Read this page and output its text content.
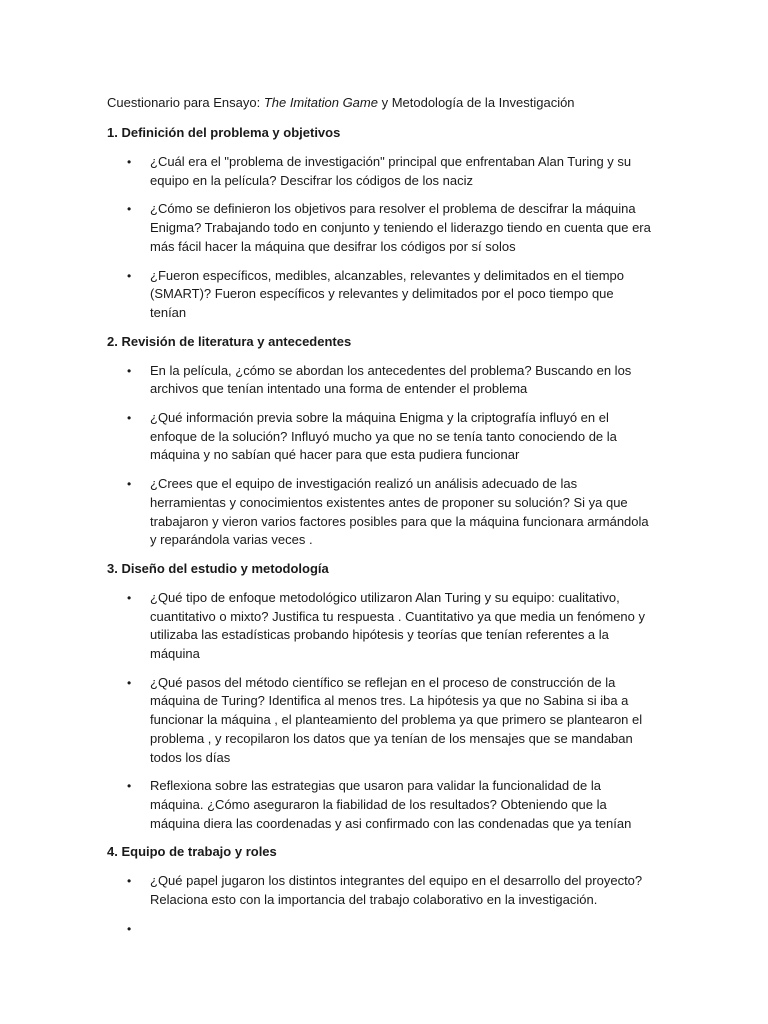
Cuestionario para Ensayo: The Imitation Game y Metodología de la Investigación

1. Definición del problema y objetivos

• ¿Cuál era el "problema de investigación" principal que enfrentaban Alan Turing y su equipo en la película? Descifrar los códigos de los naciz
• ¿Cómo se definieron los objetivos para resolver el problema de descifrar la máquina Enigma? Trabajando todo en conjunto y teniendo el liderazgo tiendo en cuenta que era más fácil hacer la máquina que desifrar los códigos por sí solos
• ¿Fueron específicos, medibles, alcanzables, relevantes y delimitados en el tiempo (SMART)? Fueron específicos y relevantes y delimitados por el poco tiempo que tenían

2. Revisión de literatura y antecedentes

• En la película, ¿cómo se abordan los antecedentes del problema? Buscando en los archivos que tenían intentado una forma de entender el problema
• ¿Qué información previa sobre la máquina Enigma y la criptografía influyó en el enfoque de la solución? Influyó mucho ya que no se tenía tanto conociendo de la máquina y no sabían qué hacer para que esta pudiera funcionar
• ¿Crees que el equipo de investigación realizó un análisis adecuado de las herramientas y conocimientos existentes antes de proponer su solución? Si ya que trabajaron y vieron varios factores posibles para que la máquina funcionara armándola y reparándola varias veces .

3. Diseño del estudio y metodología

• ¿Qué tipo de enfoque metodológico utilizaron Alan Turing y su equipo: cualitativo, cuantitativo o mixto? Justifica tu respuesta . Cuantitativo ya que media un fenómeno y utilizaba las estadísticas probando hipótesis y teorías que tenían referentes a la máquina
• ¿Qué pasos del método científico se reflejan en el proceso de construcción de la máquina de Turing? Identifica al menos tres. La hipótesis ya que no Sabina si iba a funcionar la máquina , el planteamiento del problema ya que primero se plantearon el problema , y recopilaron los datos que ya tenían de los mensajes que se mandaban todos los días
• Reflexiona sobre las estrategias que usaron para validar la funcionalidad de la máquina. ¿Cómo aseguraron la fiabilidad de los resultados? Obteniendo que la máquina diera las coordenadas y asi confirmado con las condenadas que ya tenían

4. Equipo de trabajo y roles

• ¿Qué papel jugaron los distintos integrantes del equipo en el desarrollo del proyecto? Relaciona esto con la importancia del trabajo colaborativo en la investigación.
•
